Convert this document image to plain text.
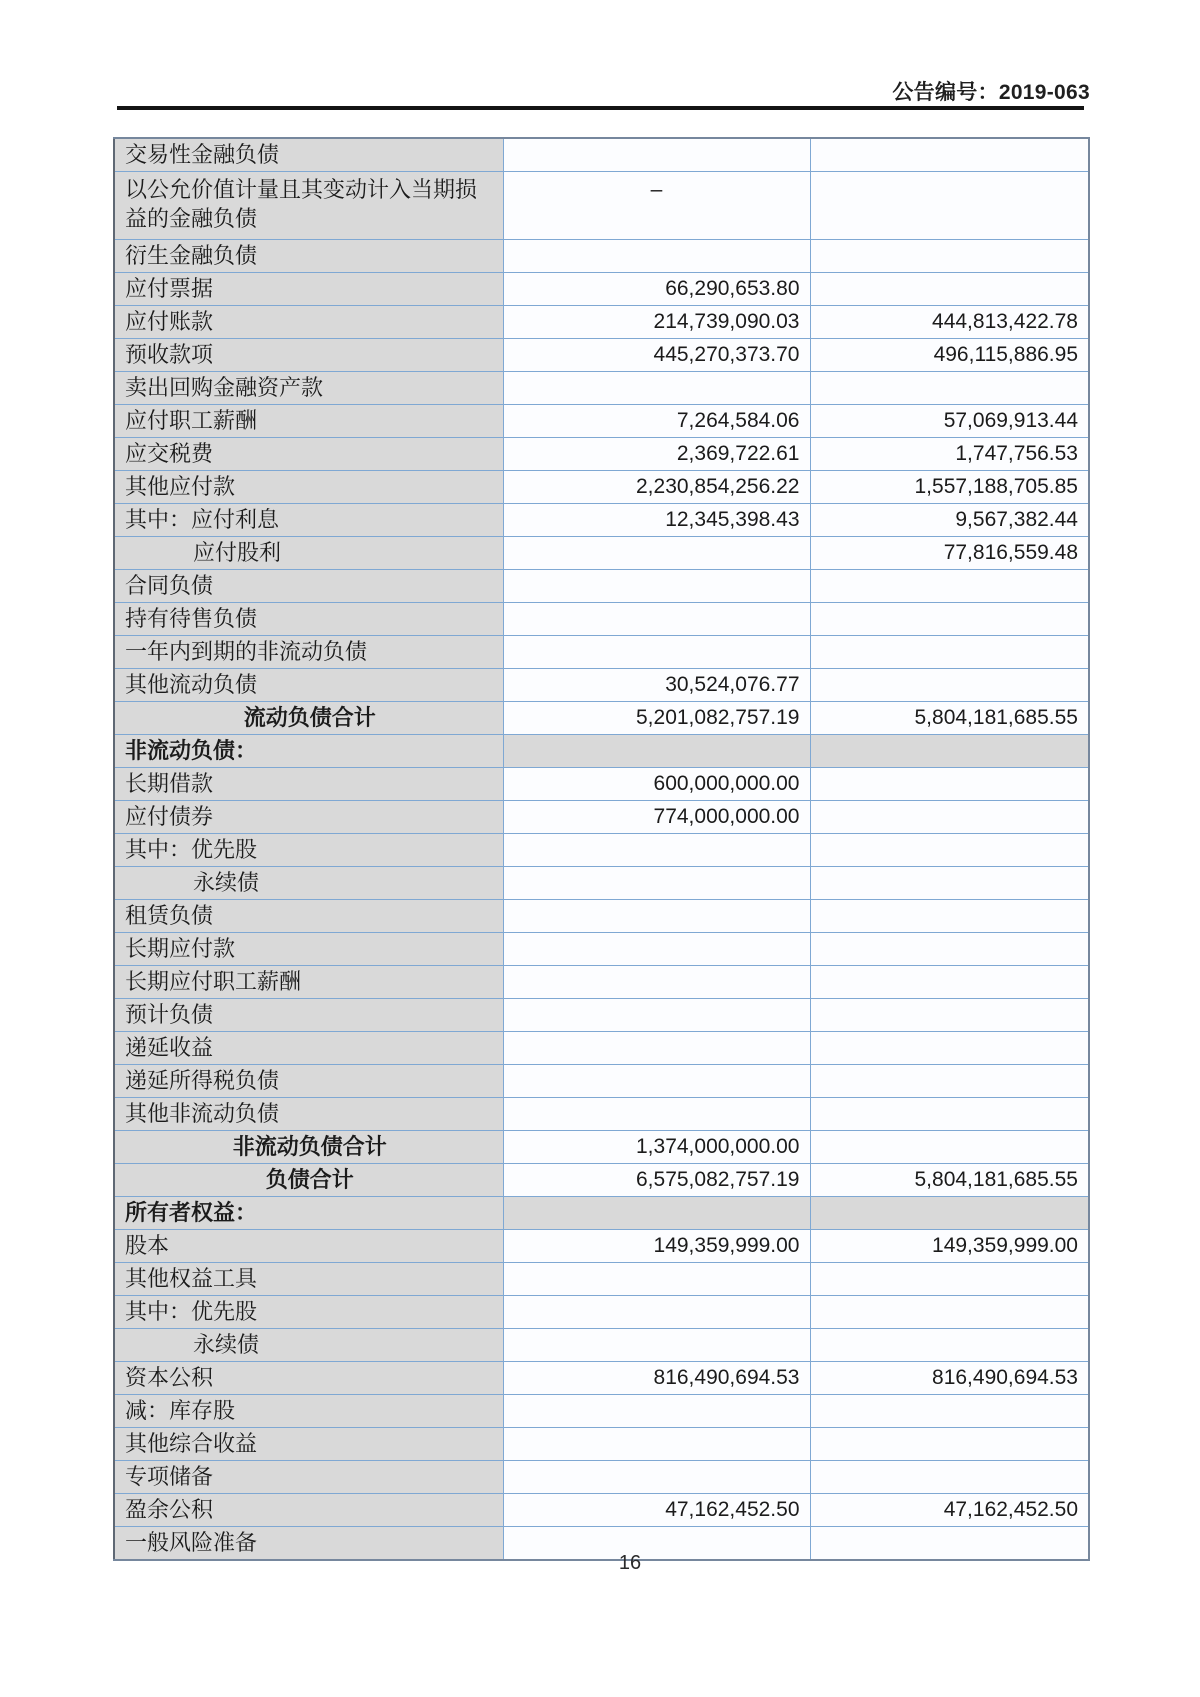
公告编号：2019-063
交易性金融负债		
以公允价值计量且其变动计入当期损益的金融负债	–	
衍生金融负债		
应付票据	66,290,653.80	
应付账款	214,739,090.03	444,813,422.78
预收款项	445,270,373.70	496,115,886.95
卖出回购金融资产款		
应付职工薪酬	7,264,584.06	57,069,913.44
应交税费	2,369,722.61	1,747,756.53
其他应付款	2,230,854,256.22	1,557,188,705.85
其中：应付利息	12,345,398.43	9,567,382.44
应付股利		77,816,559.48
合同负债		
持有待售负债		
一年内到期的非流动负债		
其他流动负债	30,524,076.77	
流动负债合计	5,201,082,757.19	5,804,181,685.55
非流动负债：		
长期借款	600,000,000.00	
应付债券	774,000,000.00	
其中：优先股		
永续债		
租赁负债		
长期应付款		
长期应付职工薪酬		
预计负债		
递延收益		
递延所得税负债		
其他非流动负债		
非流动负债合计	1,374,000,000.00	
负债合计	6,575,082,757.19	5,804,181,685.55
所有者权益：		
股本	149,359,999.00	149,359,999.00
其他权益工具		
其中：优先股		
永续债		
资本公积	816,490,694.53	816,490,694.53
减：库存股		
其他综合收益		
专项储备		
盈余公积	47,162,452.50	47,162,452.50
一般风险准备		
16
